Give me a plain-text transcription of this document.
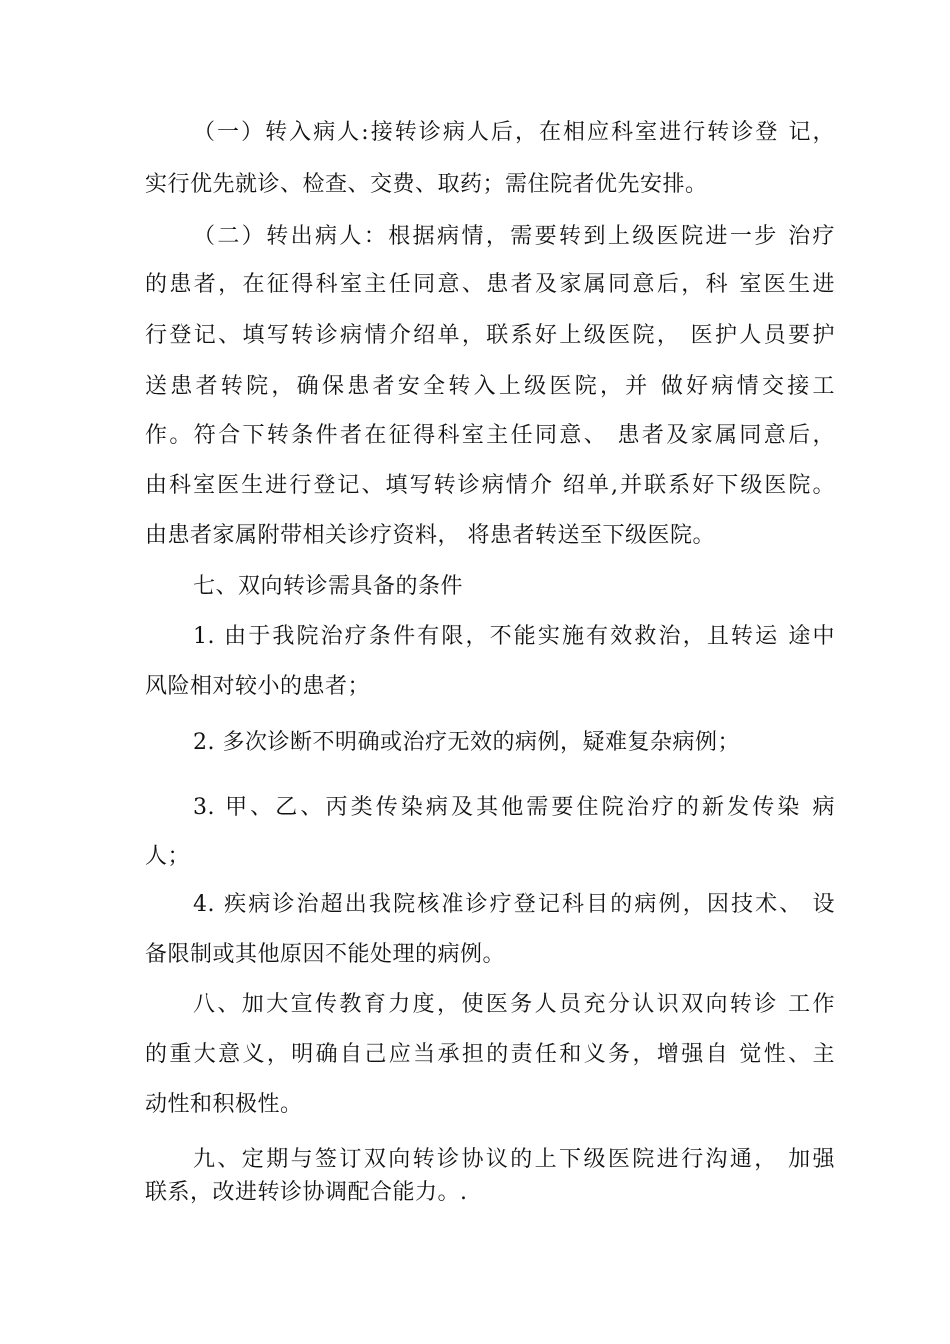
（一）转入病人:接转诊病人后，在相应科室进行转诊登 记，
实行优先就诊、检查、交费、取药；需住院者优先安排。
（二）转出病人：根据病情，需要转到上级医院进一步 治疗
的患者，在征得科室主任同意、患者及家属同意后，科 室医生进
行登记、填写转诊病情介绍单，联系好上级医院， 医护人员要护
送患者转院，确保患者安全转入上级医院，并 做好病情交接工
作。符合下转条件者在征得科室主任同意、 患者及家属同意后，
由科室医生进行登记、填写转诊病情介 绍单,并联系好下级医院。
由患者家属附带相关诊疗资料， 将患者转送至下级医院。
七、双向转诊需具备的条件
1. 由于我院治疗条件有限，不能实施有效救治，且转运 途中
风险相对较小的患者；
2. 多次诊断不明确或治疗无效的病例，疑难复杂病例；
3. 甲、乙、丙类传染病及其他需要住院治疗的新发传染 病
人；
4. 疾病诊治超出我院核准诊疗登记科目的病例，因技术、 设
备限制或其他原因不能处理的病例。
八、加大宣传教育力度，使医务人员充分认识双向转诊 工作
的重大意义，明确自己应当承担的责任和义务，增强自 觉性、主
动性和积极性。
九、定期与签订双向转诊协议的上下级医院进行沟通， 加强
联系，改进转诊协调配合能力。.
